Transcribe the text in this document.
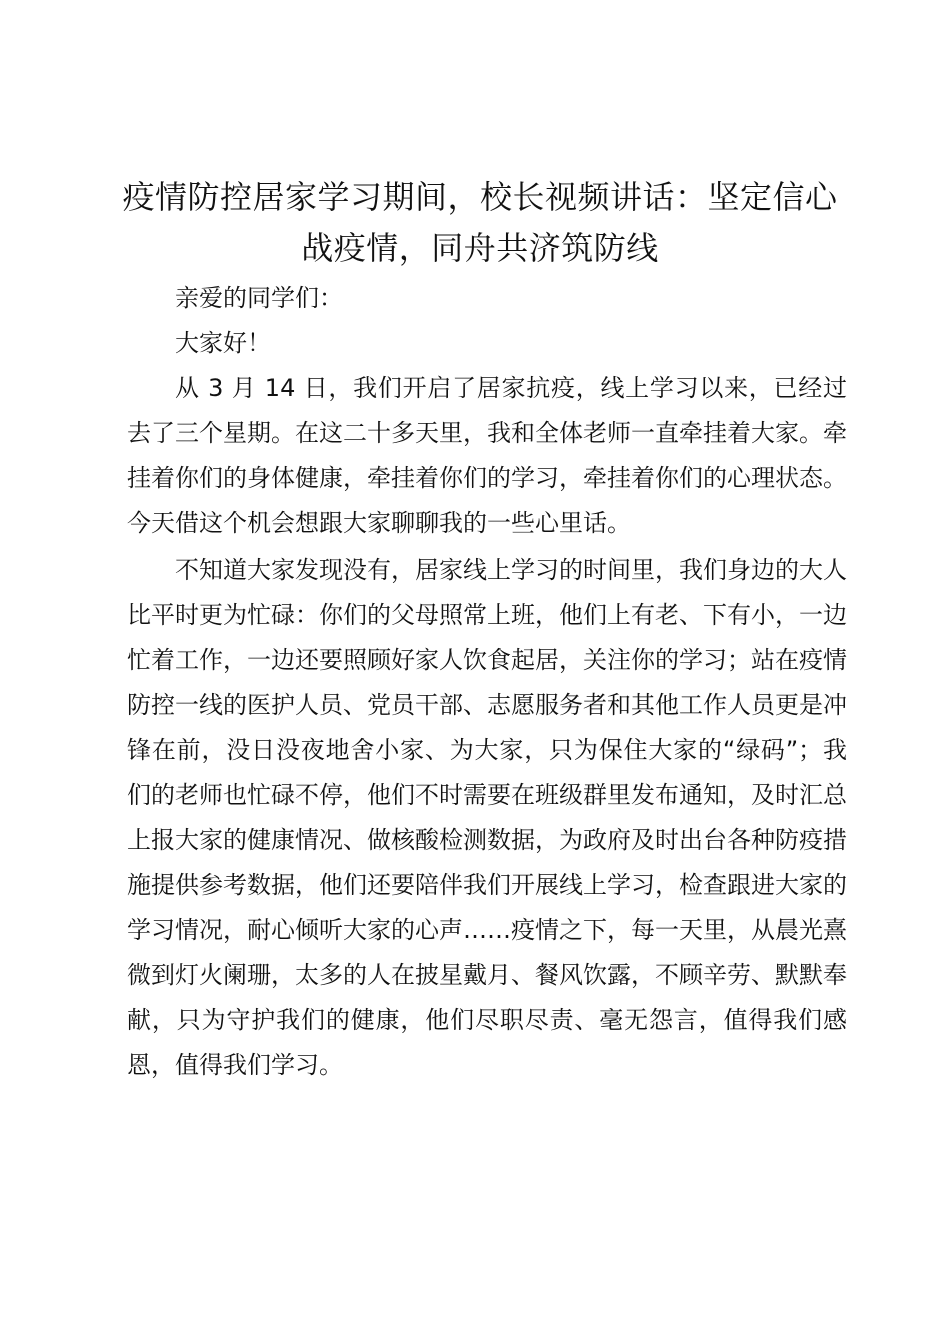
疫情防控居家学习期间，校长视频讲话：坚定信心战疫情，同舟共济筑防线

亲爱的同学们：

大家好！

从 3 月 14 日，我们开启了居家抗疫，线上学习以来，已经过去了三个星期。在这二十多天里，我和全体老师一直牵挂着大家。牵挂着你们的身体健康，牵挂着你们的学习，牵挂着你们的心理状态。今天借这个机会想跟大家聊聊我的一些心里话。

不知道大家发现没有，居家线上学习的时间里，我们身边的大人比平时更为忙碌：你们的父母照常上班，他们上有老、下有小，一边忙着工作，一边还要照顾好家人饮食起居，关注你的学习；站在疫情防控一线的医护人员、党员干部、志愿服务者和其他工作人员更是冲锋在前，没日没夜地舍小家、为大家，只为保住大家的“绿码”；我们的老师也忙碌不停，他们不时需要在班级群里发布通知，及时汇总上报大家的健康情况、做核酸检测数据，为政府及时出台各种防疫措施提供参考数据，他们还要陪伴我们开展线上学习，检查跟进大家的学习情况，耐心倾听大家的心声……疫情之下，每一天里，从晨光熹微到灯火阑珊，太多的人在披星戴月、餐风饮露，不顾辛劳、默默奉献，只为守护我们的健康，他们尽职尽责、毫无怨言，值得我们感恩，值得我们学习。
